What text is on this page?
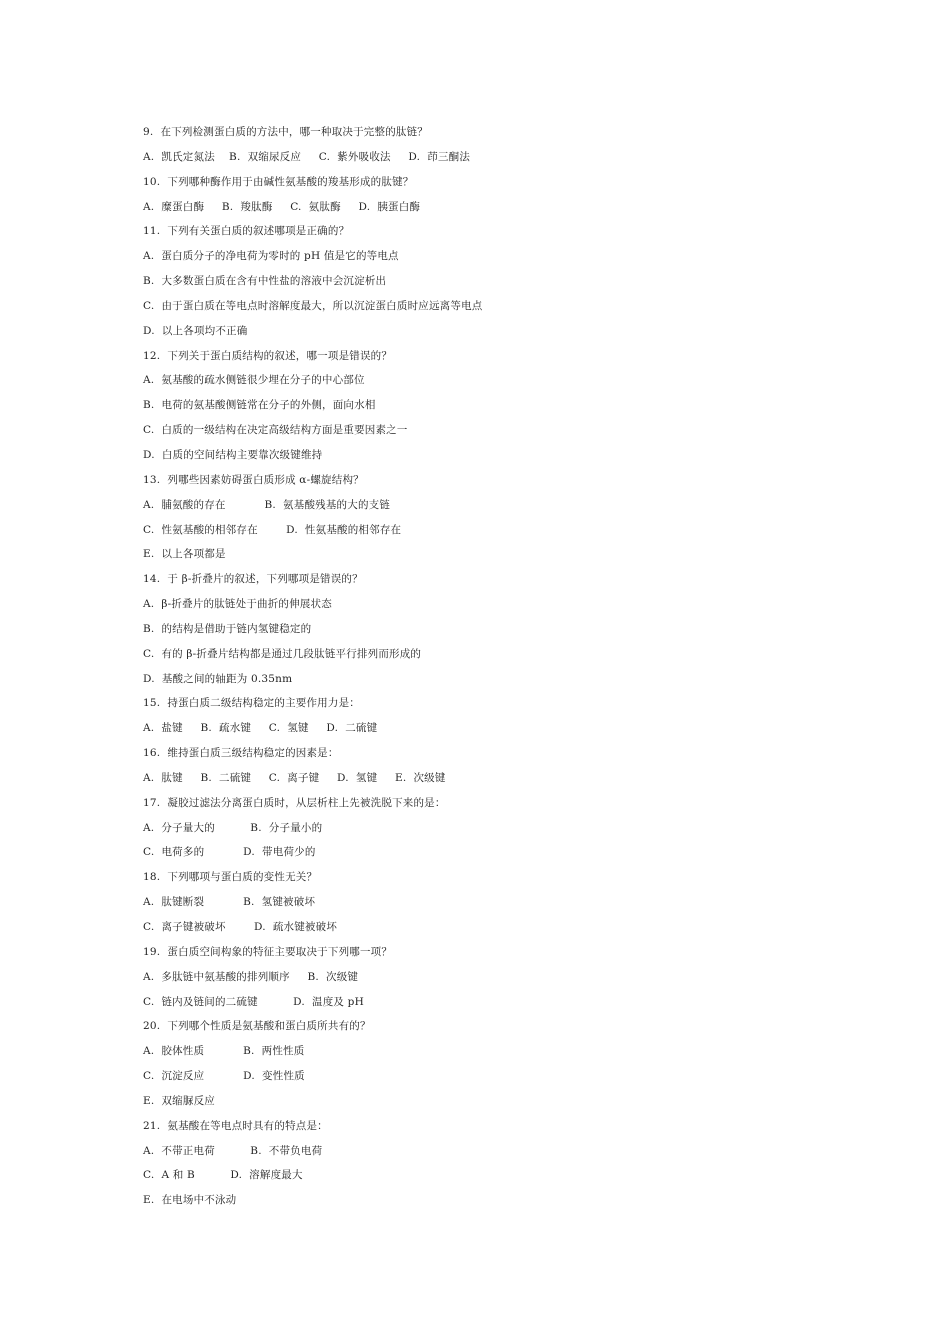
9.  在下列检测蛋白质的方法中，哪一种取决于完整的肽链？
A.  凯氏定氮法    B.  双缩尿反应     C.  紫外吸收法     D.  茚三酮法
10.  下列哪种酶作用于由碱性氨基酸的羧基形成的肽键？
A.  糜蛋白酶     B.  羧肽酶     C.  氨肽酶     D.  胰蛋白酶
11.  下列有关蛋白质的叙述哪项是正确的？
A.  蛋白质分子的净电荷为零时的 pH 值是它的等电点
B.  大多数蛋白质在含有中性盐的溶液中会沉淀析出
C.  由于蛋白质在等电点时溶解度最大，所以沉淀蛋白质时应远离等电点
D.  以上各项均不正确
12.  下列关于蛋白质结构的叙述，哪一项是错误的？
A.  氨基酸的疏水侧链很少埋在分子的中心部位
B.  电荷的氨基酸侧链常在分子的外侧，面向水相
C.  白质的一级结构在决定高级结构方面是重要因素之一
D.  白质的空间结构主要靠次级键维持
13.  列哪些因素妨碍蛋白质形成 α-螺旋结构？
A.  脯氨酸的存在           B.  氨基酸残基的大的支链
C.  性氨基酸的相邻存在        D.  性氨基酸的相邻存在
E.  以上各项都是
14.  于 β-折叠片的叙述，下列哪项是错误的？
A.  β-折叠片的肽链处于曲折的伸展状态
B.  的结构是借助于链内氢键稳定的
C.  有的 β-折叠片结构都是通过几段肽链平行排列而形成的
D.  基酸之间的轴距为 0.35nm
15.  持蛋白质二级结构稳定的主要作用力是：
A.  盐键     B.  疏水键     C.  氢键     D.  二硫键
16.  维持蛋白质三级结构稳定的因素是：
A.  肽键     B.  二硫键     C.  离子键     D.  氢键     E.  次级键
17.  凝胶过滤法分离蛋白质时，从层析柱上先被洗脱下来的是：
A.  分子量大的          B.  分子量小的
C.  电荷多的           D.  带电荷少的
18.  下列哪项与蛋白质的变性无关？
A.  肽键断裂           B.  氢键被破坏
C.  离子键被破坏        D.  疏水键被破坏
19.  蛋白质空间构象的特征主要取决于下列哪一项？
A.  多肽链中氨基酸的排列顺序     B.  次级键
C.  链内及链间的二硫键          D.  温度及 pH
20.  下列哪个性质是氨基酸和蛋白质所共有的？
A.  胶体性质           B.  两性性质
C.  沉淀反应           D.  变性性质
E.  双缩脲反应
21.  氨基酸在等电点时具有的特点是：
A.  不带正电荷          B.  不带负电荷
C.  A 和 B          D.  溶解度最大
E.  在电场中不泳动
